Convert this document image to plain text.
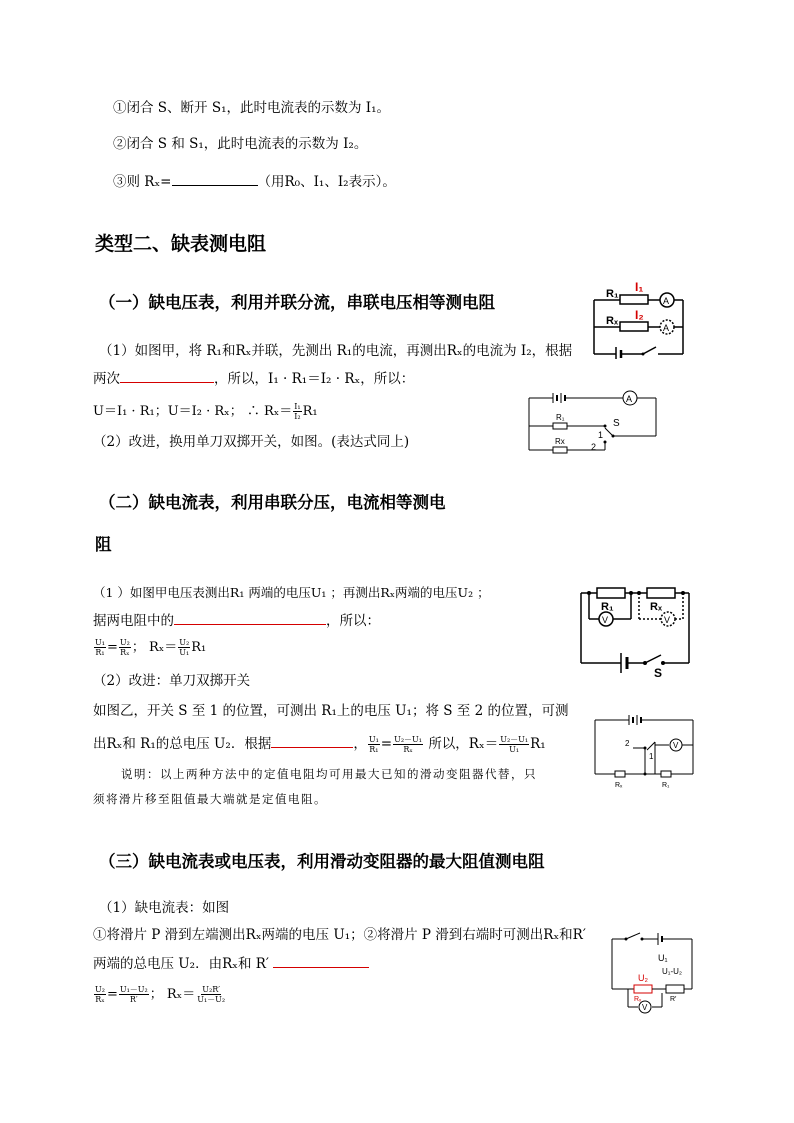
①闭合 S、断开 S₁，此时电流表的示数为 I₁。
②闭合 S 和 S₁，此时电流表的示数为 I₂。
③则 Rₓ=	（用R₀、I₁、I₂表示）。
类型二、缺表测电阻
（一）缺电压表，利用并联分流，串联电压相等测电阻
（1）如图甲，将 R₁和Rₓ并联，先测出 R₁的电流，再测出Rₓ的电流为 I₂，根据
两次	，所以，I₁ · R₁＝I₂ · Rₓ，所以：
U＝I₁ · R₁；U＝I₂ · Rₓ； ∴ $R_x= \frac{\text{I₁}}{\text{I₂}} R_1$
（2）改进，换用单刀双掷开关，如图。(表达式同上)
R₁
Rₓ
I₁
I₂
A
A
R₁
Rx
S
1
2
A
（二）缺电流表，利用串联分压，电流相等测电
阻
（1 ）如图甲电压表测出R₁ 两端的电压U₁ ；再测出Rₓ两端的电压U₂ ；
据两电阻中的	，所以：
$\frac{\text{U₁}}{\text{R₁}} = \frac{\text{U₂}}{\text{Rₓ}}$ ； $R_x= \frac{\text{U₂}}{\text{U₁}} R_1$
（2）改进：单刀双掷开关
如图乙，开关 S 至 1 的位置，可测出 R₁上的电压 U₁；将 S 至 2 的位置，可测
出Rₓ和 R₁的总电压 U₂．根据	， $\frac{\text{U₁}}{\text{R₁}} = \frac{\text{U₂－U₁}}{\text{Rₓ}}$ 所以，$R_x= \frac{\text{U₂－U₁}}{\text{U₁}} R_1$
说明：以上两种方法中的定值电阻均可用最大已知的滑动变阻器代替，只
须将滑片移至阻值最大端就是定值电阻。
R₁	Rₓ
V	V
S
2
1
V
Rₓ	R₁
（三）缺电流表或电压表，利用滑动变阻器的最大阻值测电阻
（1）缺电流表：如图
①将滑片 P 滑到左端测出Rₓ两端的电压 U₁；②将滑片 P 滑到右端时可测出Rₓ和R′
两端的总电压 U₂．由Rₓ和 R′
$\frac{\text{U₂}}{\text{Rₓ}} = \frac{\text{U₁－U₂}}{R'}$ ； $R_x= \frac{\text{U₂R′}}{\text{U₁－U₂}}$
U₁
U₁-U₂
U₂
Rₓ	R′
V
